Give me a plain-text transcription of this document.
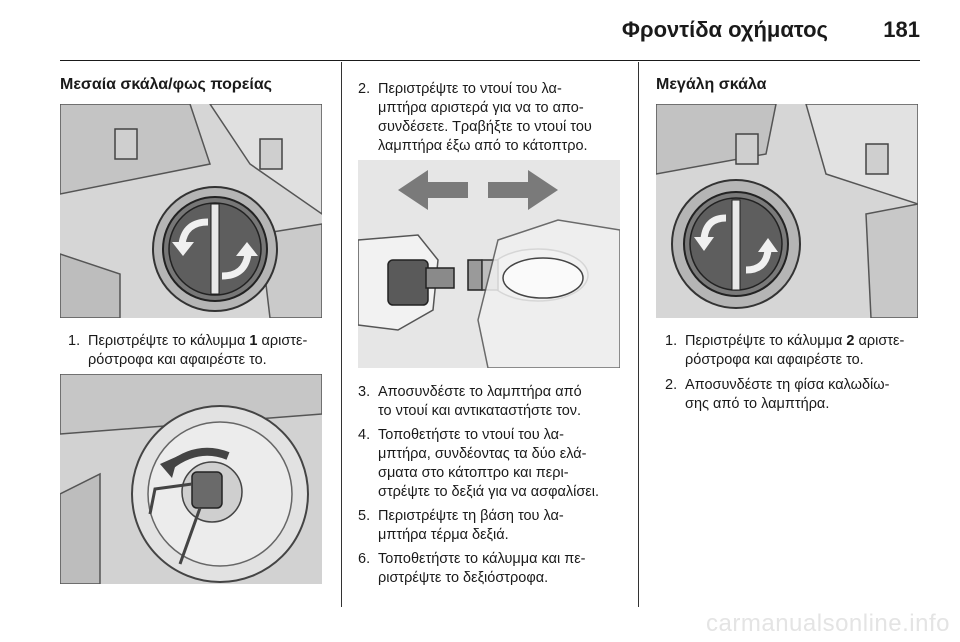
Φροντίδα οχήματος	181
Μεσαία σκάλα/φως πορείας
1. Περιστρέψτε το κάλυμμα 1 αριστε-
ρόστροφα και αφαιρέστε το.
2. Περιστρέψτε το ντουί του λα-
μπτήρα αριστερά για να το απο-
συνδέσετε. Τραβήξτε το ντουί του
λαμπτήρα έξω από το κάτοπτρο.
3. Αποσυνδέστε το λαμπτήρα από
το ντουί και αντικαταστήστε τον.
4. Τοποθετήστε το ντουί του λα-
μπτήρα, συνδέοντας τα δύο ελά-
σματα στο κάτοπτρο και περι-
στρέψτε το δεξιά για να ασφαλίσει.
5. Περιστρέψτε τη βάση του λα-
μπτήρα τέρμα δεξιά.
6. Τοποθετήστε το κάλυμμα και πε-
ριστρέψτε το δεξιόστροφα.
Μεγάλη σκάλα
1. Περιστρέψτε το κάλυμμα 2 αριστε-
ρόστροφα και αφαιρέστε το.
2. Αποσυνδέστε τη φίσα καλωδίω-
σης από το λαμπτήρα.
carmanualsonline.info
